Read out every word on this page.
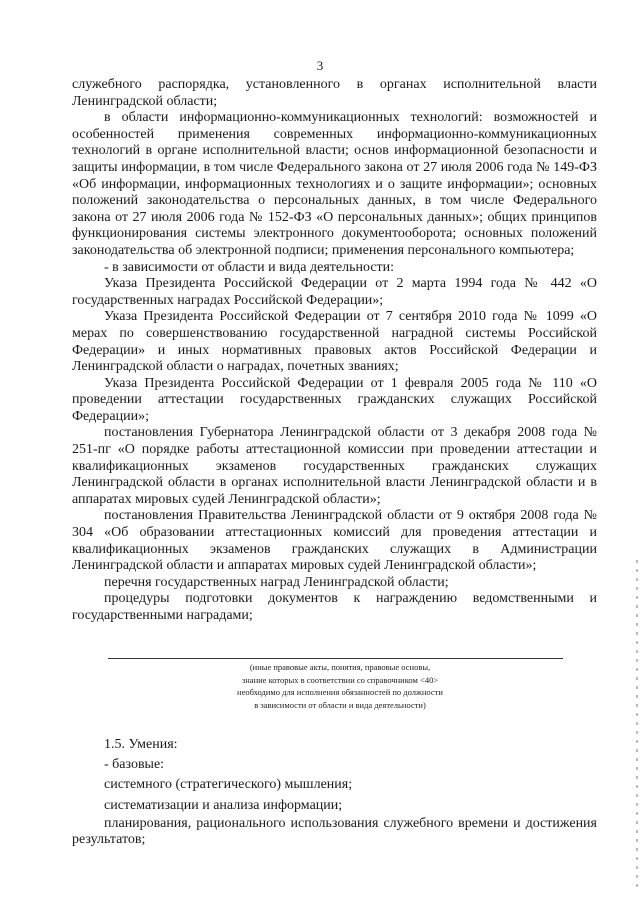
3

служебного распорядка, установленного в органах исполнительной власти Ленинградской области;

в области информационно-коммуникационных технологий: возможностей и особенностей применения современных информационно-коммуникационных технологий в органе исполнительной власти; основ информационной безопасности и защиты информации, в том числе Федерального закона от 27 июля 2006 года № 149-ФЗ «Об информации, информационных технологиях и о защите информации»; основных положений законодательства о персональных данных, в том числе Федерального закона от 27 июля 2006 года № 152-ФЗ «О персональных данных»; общих принципов функционирования системы электронного документооборота; основных положений законодательства об электронной подписи; применения персонального компьютера;

- в зависимости от области и вида деятельности:

Указа Президента Российской Федерации от 2 марта 1994 года № 442 «О государственных наградах Российской Федерации»;

Указа Президента Российской Федерации от 7 сентября 2010 года № 1099 «О мерах по совершенствованию государственной наградной системы Российской Федерации» и иных нормативных правовых актов Российской Федерации и Ленинградской области о наградах, почетных званиях;

Указа Президента Российской Федерации от 1 февраля 2005 года № 110 «О проведении аттестации государственных гражданских служащих Российской Федерации»;

постановления Губернатора Ленинградской области от 3 декабря 2008 года № 251-пг «О порядке работы аттестационной комиссии при проведении аттестации и квалификационных экзаменов государственных гражданских служащих Ленинградской области в органах исполнительной власти Ленинградской области и в аппаратах мировых судей Ленинградской области»;

постановления Правительства Ленинградской области от 9 октября 2008 года № 304 «Об образовании аттестационных комиссий для проведения аттестации и квалификационных экзаменов гражданских служащих в Администрации Ленинградской области и аппаратах мировых судей Ленинградской области»;

перечня государственных наград Ленинградской области;

процедуры подготовки документов к награждению ведомственными и государственными наградами;

(иные правовые акты, понятия, правовые основы,
знание которых в соответствии со справочником <40>
необходимо для исполнения обязанностей по должности
в зависимости от области и вида деятельности)

1.5. Умения:

- базовые:

системного (стратегического) мышления;

систематизации и анализа информации;

планирования, рационального использования служебного времени и достижения результатов;
